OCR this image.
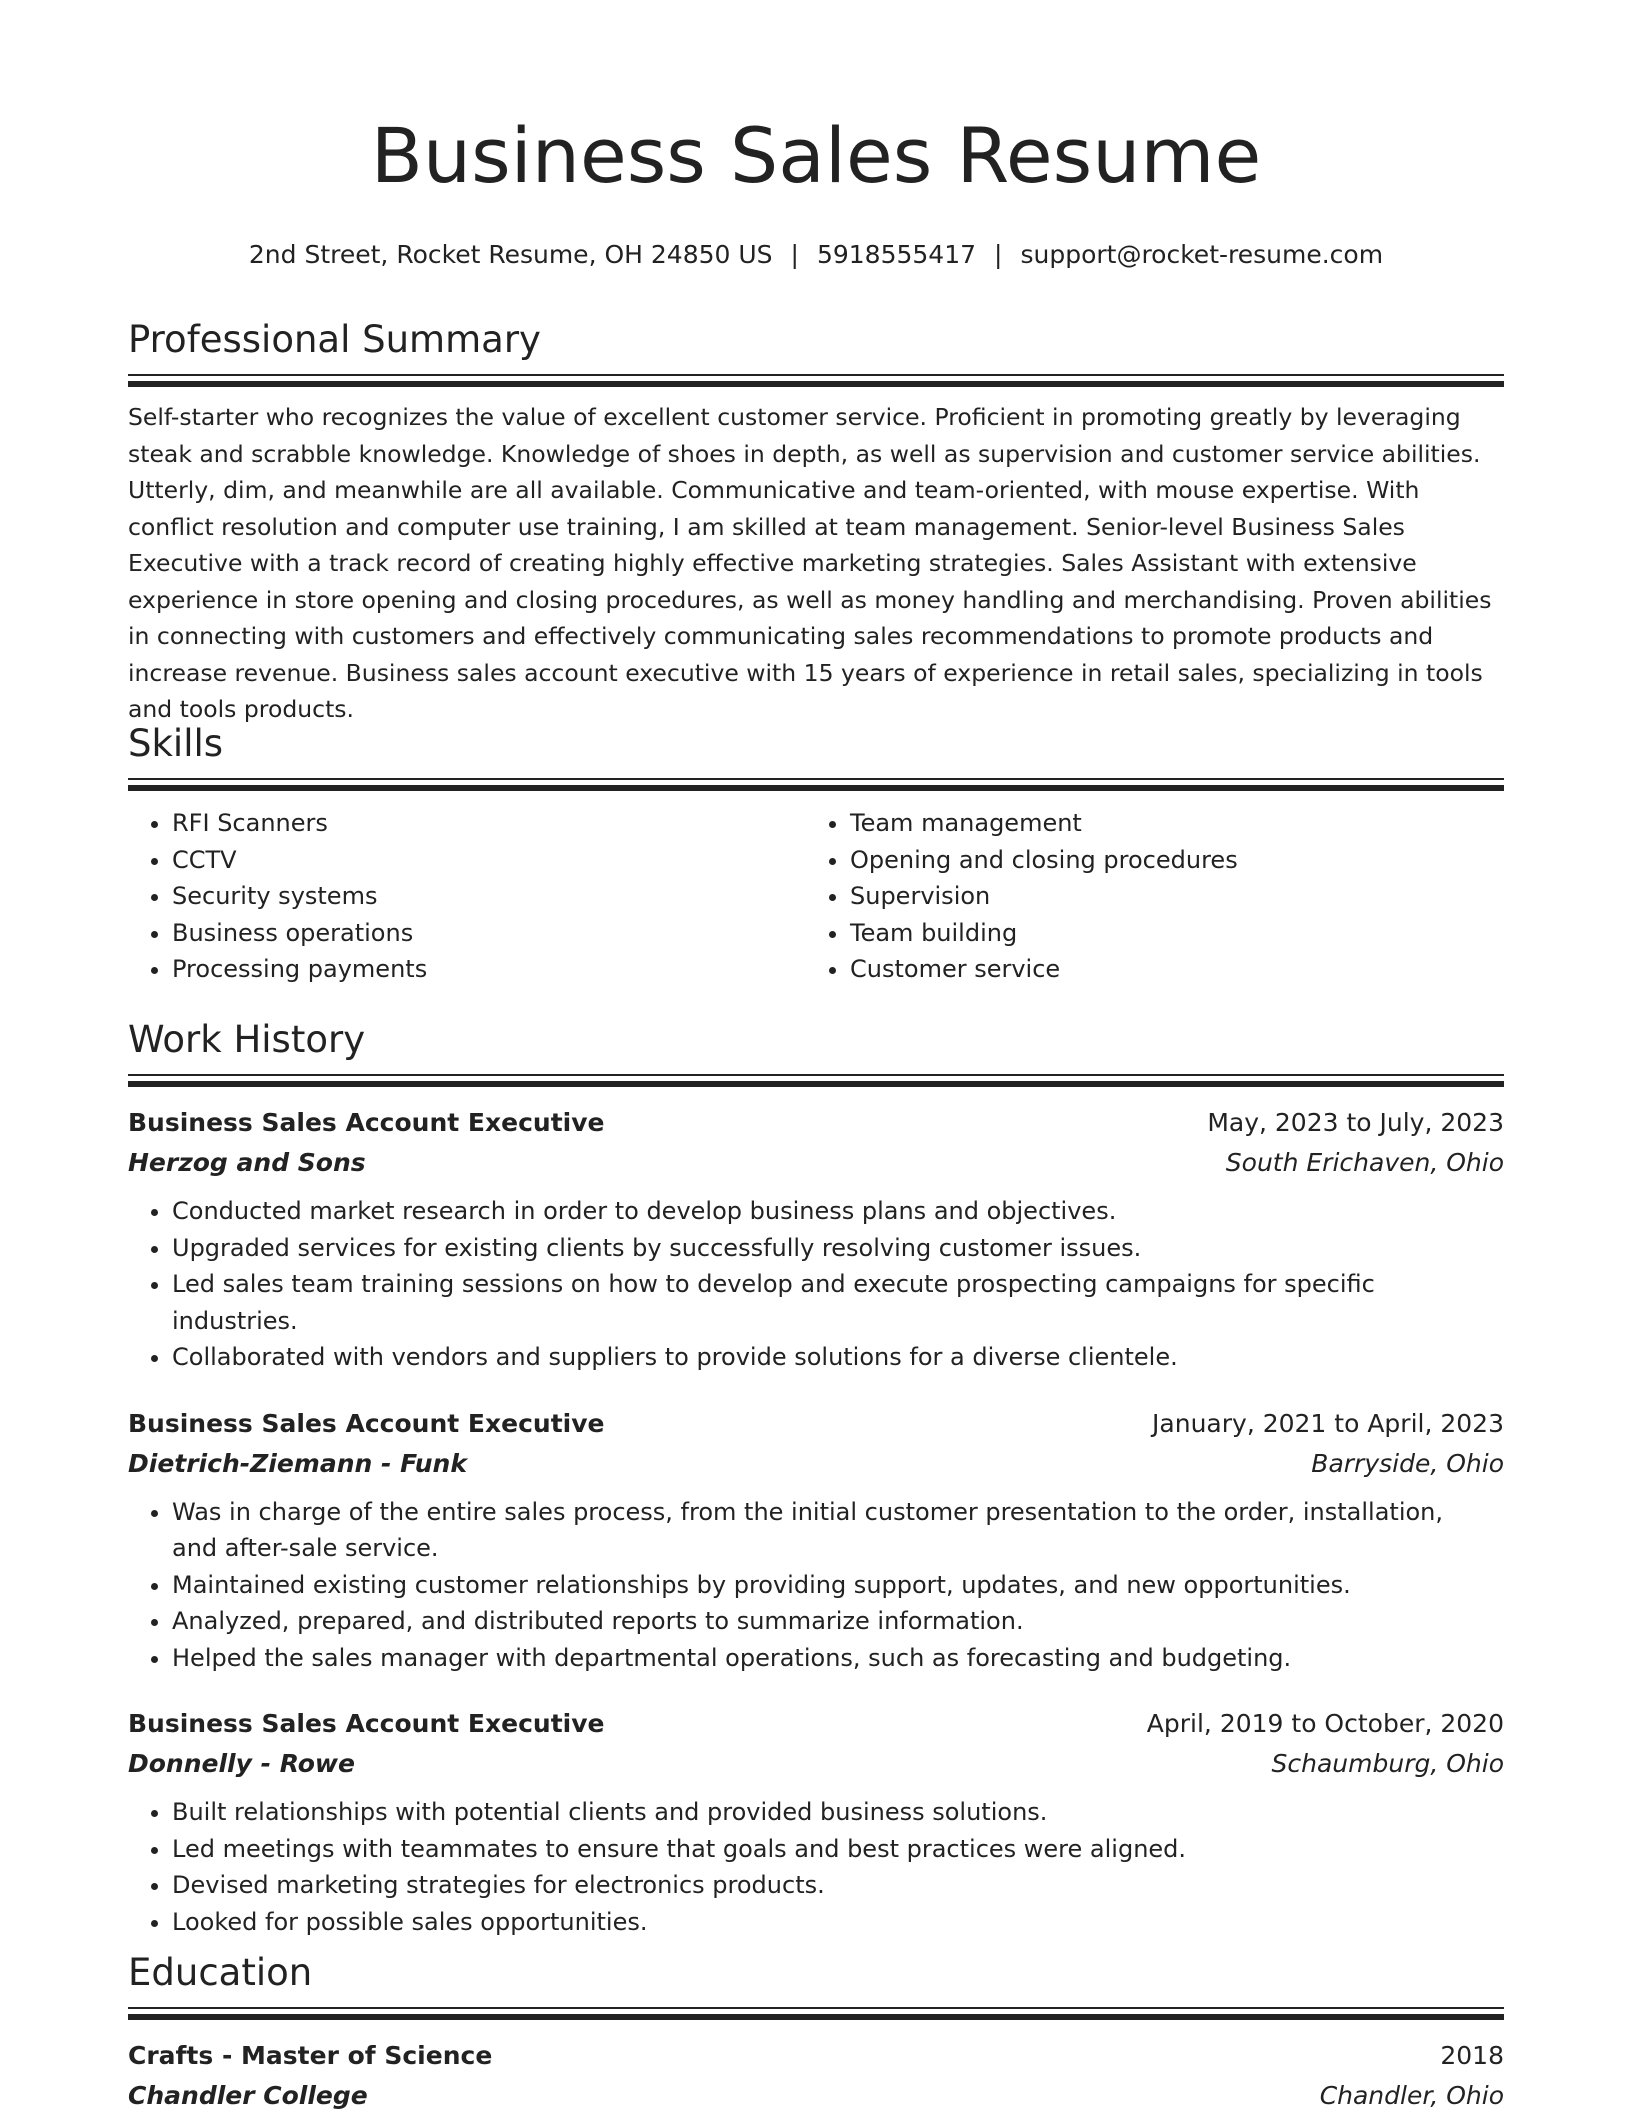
Business Sales Resume
2nd Street, Rocket Resume, OH 24850 US | 5918555417 | support@rocket-resume.com
Professional Summary
Self-starter who recognizes the value of excellent customer service. Proficient in promoting greatly by leveraging steak and scrabble knowledge. Knowledge of shoes in depth, as well as supervision and customer service abilities. Utterly, dim, and meanwhile are all available. Communicative and team-oriented, with mouse expertise. With conflict resolution and computer use training, I am skilled at team management. Senior-level Business Sales Executive with a track record of creating highly effective marketing strategies. Sales Assistant with extensive experience in store opening and closing procedures, as well as money handling and merchandising. Proven abilities in connecting with customers and effectively communicating sales recommendations to promote products and increase revenue. Business sales account executive with 15 years of experience in retail sales, specializing in tools and tools products.
Skills
• RFI Scanners
• CCTV
• Security systems
• Business operations
• Processing payments
• Team management
• Opening and closing procedures
• Supervision
• Team building
• Customer service
Work History
Business Sales Account Executive	May, 2023 to July, 2023
Herzog and Sons	South Erichaven, Ohio
• Conducted market research in order to develop business plans and objectives.
• Upgraded services for existing clients by successfully resolving customer issues.
• Led sales team training sessions on how to develop and execute prospecting campaigns for specific industries.
• Collaborated with vendors and suppliers to provide solutions for a diverse clientele.
Business Sales Account Executive	January, 2021 to April, 2023
Dietrich-Ziemann - Funk	Barryside, Ohio
• Was in charge of the entire sales process, from the initial customer presentation to the order, installation, and after-sale service.
• Maintained existing customer relationships by providing support, updates, and new opportunities.
• Analyzed, prepared, and distributed reports to summarize information.
• Helped the sales manager with departmental operations, such as forecasting and budgeting.
Business Sales Account Executive	April, 2019 to October, 2020
Donnelly - Rowe	Schaumburg, Ohio
• Built relationships with potential clients and provided business solutions.
• Led meetings with teammates to ensure that goals and best practices were aligned.
• Devised marketing strategies for electronics products.
• Looked for possible sales opportunities.
Education
Crafts - Master of Science	2018
Chandler College	Chandler, Ohio
